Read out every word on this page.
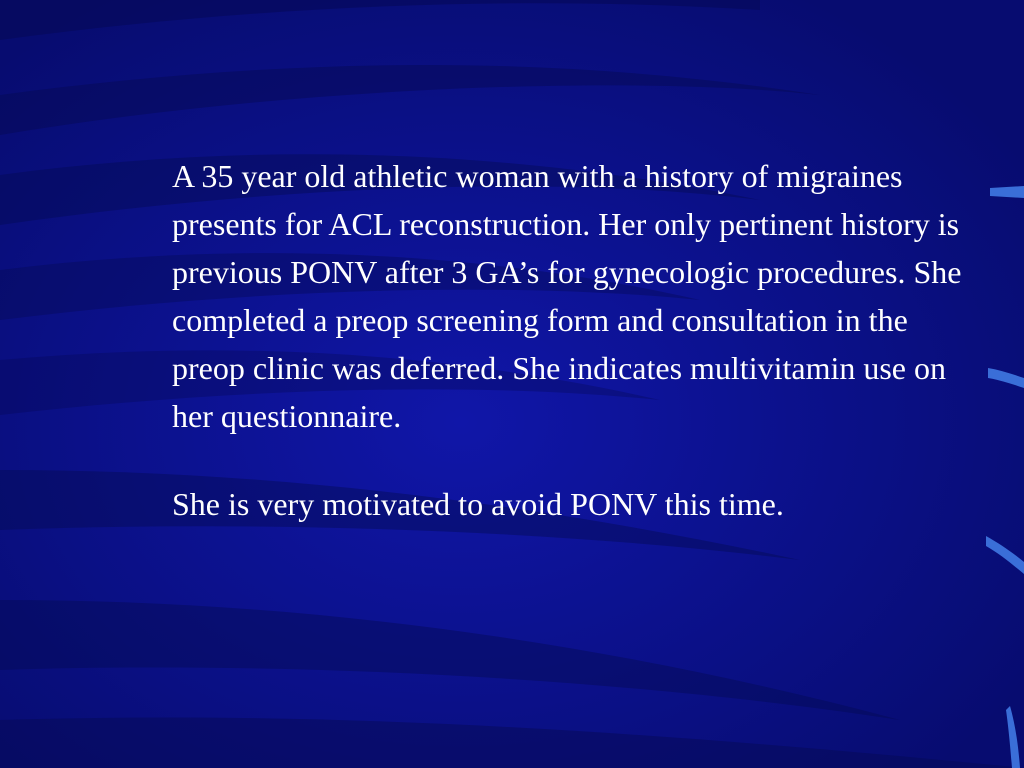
A 35 year old athletic woman with a history of migraines presents for ACL reconstruction. Her only pertinent history is previous PONV after 3 GA’s for gynecologic procedures. She completed a preop screening form and consultation in the preop clinic was deferred. She indicates multivitamin use on her questionnaire.

She is very motivated to avoid PONV this time.
